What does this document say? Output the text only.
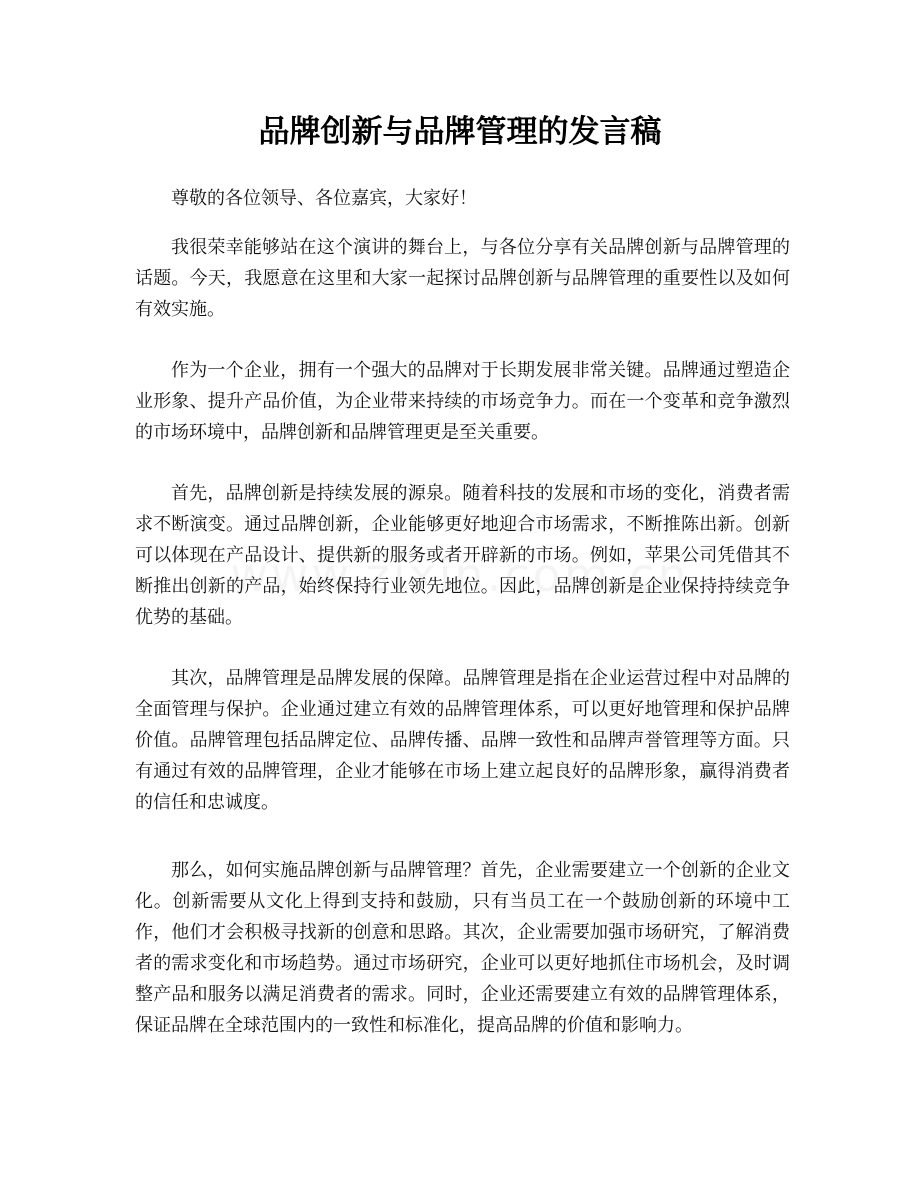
品牌创新与品牌管理的发言稿

尊敬的各位领导、各位嘉宾，大家好！

我很荣幸能够站在这个演讲的舞台上，与各位分享有关品牌创新与品牌管理的话题。今天，我愿意在这里和大家一起探讨品牌创新与品牌管理的重要性以及如何有效实施。

作为一个企业，拥有一个强大的品牌对于长期发展非常关键。品牌通过塑造企业形象、提升产品价值，为企业带来持续的市场竞争力。而在一个变革和竞争激烈的市场环境中，品牌创新和品牌管理更是至关重要。

首先，品牌创新是持续发展的源泉。随着科技的发展和市场的变化，消费者需求不断演变。通过品牌创新，企业能够更好地迎合市场需求，不断推陈出新。创新可以体现在产品设计、提供新的服务或者开辟新的市场。例如，苹果公司凭借其不断推出创新的产品，始终保持行业领先地位。因此，品牌创新是企业保持持续竞争优势的基础。

其次，品牌管理是品牌发展的保障。品牌管理是指在企业运营过程中对品牌的全面管理与保护。企业通过建立有效的品牌管理体系，可以更好地管理和保护品牌价值。品牌管理包括品牌定位、品牌传播、品牌一致性和品牌声誉管理等方面。只有通过有效的品牌管理，企业才能够在市场上建立起良好的品牌形象，赢得消费者的信任和忠诚度。

那么，如何实施品牌创新与品牌管理？首先，企业需要建立一个创新的企业文化。创新需要从文化上得到支持和鼓励，只有当员工在一个鼓励创新的环境中工作，他们才会积极寻找新的创意和思路。其次，企业需要加强市场研究，了解消费者的需求变化和市场趋势。通过市场研究，企业可以更好地抓住市场机会，及时调整产品和服务以满足消费者的需求。同时，企业还需要建立有效的品牌管理体系，保证品牌在全球范围内的一致性和标准化，提高品牌的价值和影响力。
